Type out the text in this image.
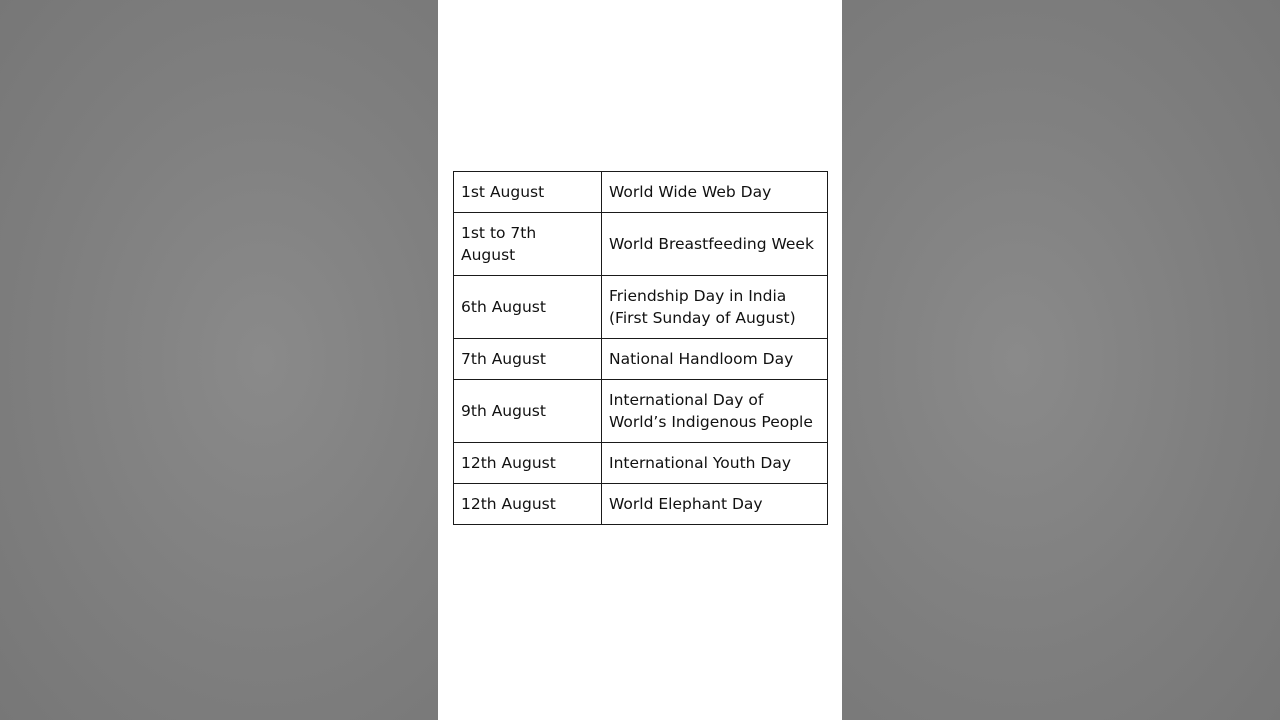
1st August	World Wide Web Day
1st to 7th August	World Breastfeeding Week
6th August	Friendship Day in India (First Sunday of August)
7th August	National Handloom Day
9th August	International Day of World’s Indigenous People
12th August	International Youth Day
12th August	World Elephant Day
